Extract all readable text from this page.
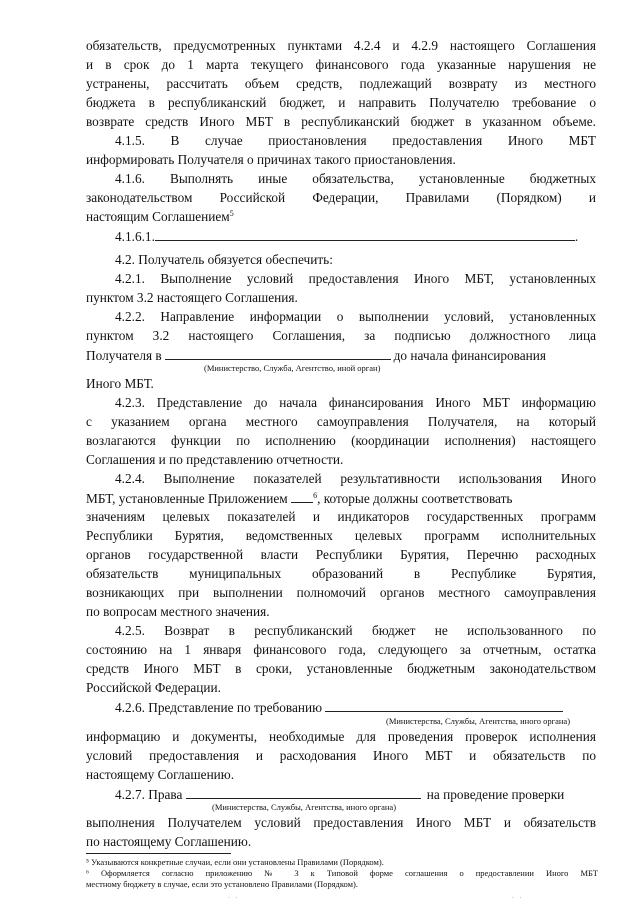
обязательств, предусмотренных пунктами 4.2.4 и 4.2.9 настоящего Соглашения
и в срок до 1 марта текущего финансового года указанные нарушения не
устранены, рассчитать объем средств, подлежащий возврату из местного
бюджета в республиканский бюджет, и направить Получателю требование о
возврате средств Иного МБТ в республиканский бюджет в указанном объеме.
4.1.5. В случае приостановления предоставления Иного МБТ
информировать Получателя о причинах такого приостановления.
4.1.6. Выполнять иные обязательства, установленные бюджетных
законодательством Российской Федерации, Правилами (Порядком) и
настоящим Соглашением$^5$
4.1.6.1.	.
4.2. Получатель обязуется обеспечить:
4.2.1. Выполнение условий предоставления Иного МБТ, установленных
пунктом 3.2 настоящего Соглашения.
4.2.2. Направление информации о выполнении условий, установленных
пунктом 3.2 настоящего Соглашения, за подписью должностного лица
Получателя в	до начала финансирования
(Министерство, Служба, Агентство, иной орган)
Иного МБТ.
4.2.3. Представление до начала финансирования Иного МБТ информацию
с указанием органа местного самоуправления Получателя, на который
возлагаются функции по исполнению (координации исполнения) настоящего
Соглашения и по представлению отчетности.
4.2.4. Выполнение показателей результативности использования Иного
МБТ, установленные Приложением	$^6$, которые должны соответствовать
значениям целевых показателей и индикаторов государственных программ
Республики Бурятия, ведомственных целевых программ исполнительных
органов государственной власти Республики Бурятия, Перечню расходных
обязательств муниципальных образований в Республике Бурятия,
возникающих при выполнении полномочий органов местного самоуправления
по вопросам местного значения.
4.2.5. Возврат в республиканский бюджет не использованного по
состоянию на 1 января финансового года, следующего за отчетным, остатка
средств Иного МБТ в сроки, установленные бюджетным законодательством
Российской Федерации.
4.2.6. Представление по требованию
(Министерства, Службы, Агентства, иного органа)
информацию и документы, необходимые для проведения проверок исполнения
условий предоставления и расходования Иного МБТ и обязательств по
настоящему Соглашению.
4.2.7. Права	на проведение проверки
(Министерства, Службы, Агентства, иного органа)
выполнения Получателем условий предоставления Иного МБТ и обязательств
по настоящему Соглашению.
⁵ Указываются конкретные случаи, если они установлены Правилами (Порядком).
⁶ Оформляется согласно приложению № 3 к Типовой форме соглашения о предоставлении Иного МБТ
местному бюджету в случае, если это установлено Правилами (Порядком).
. .	. .
